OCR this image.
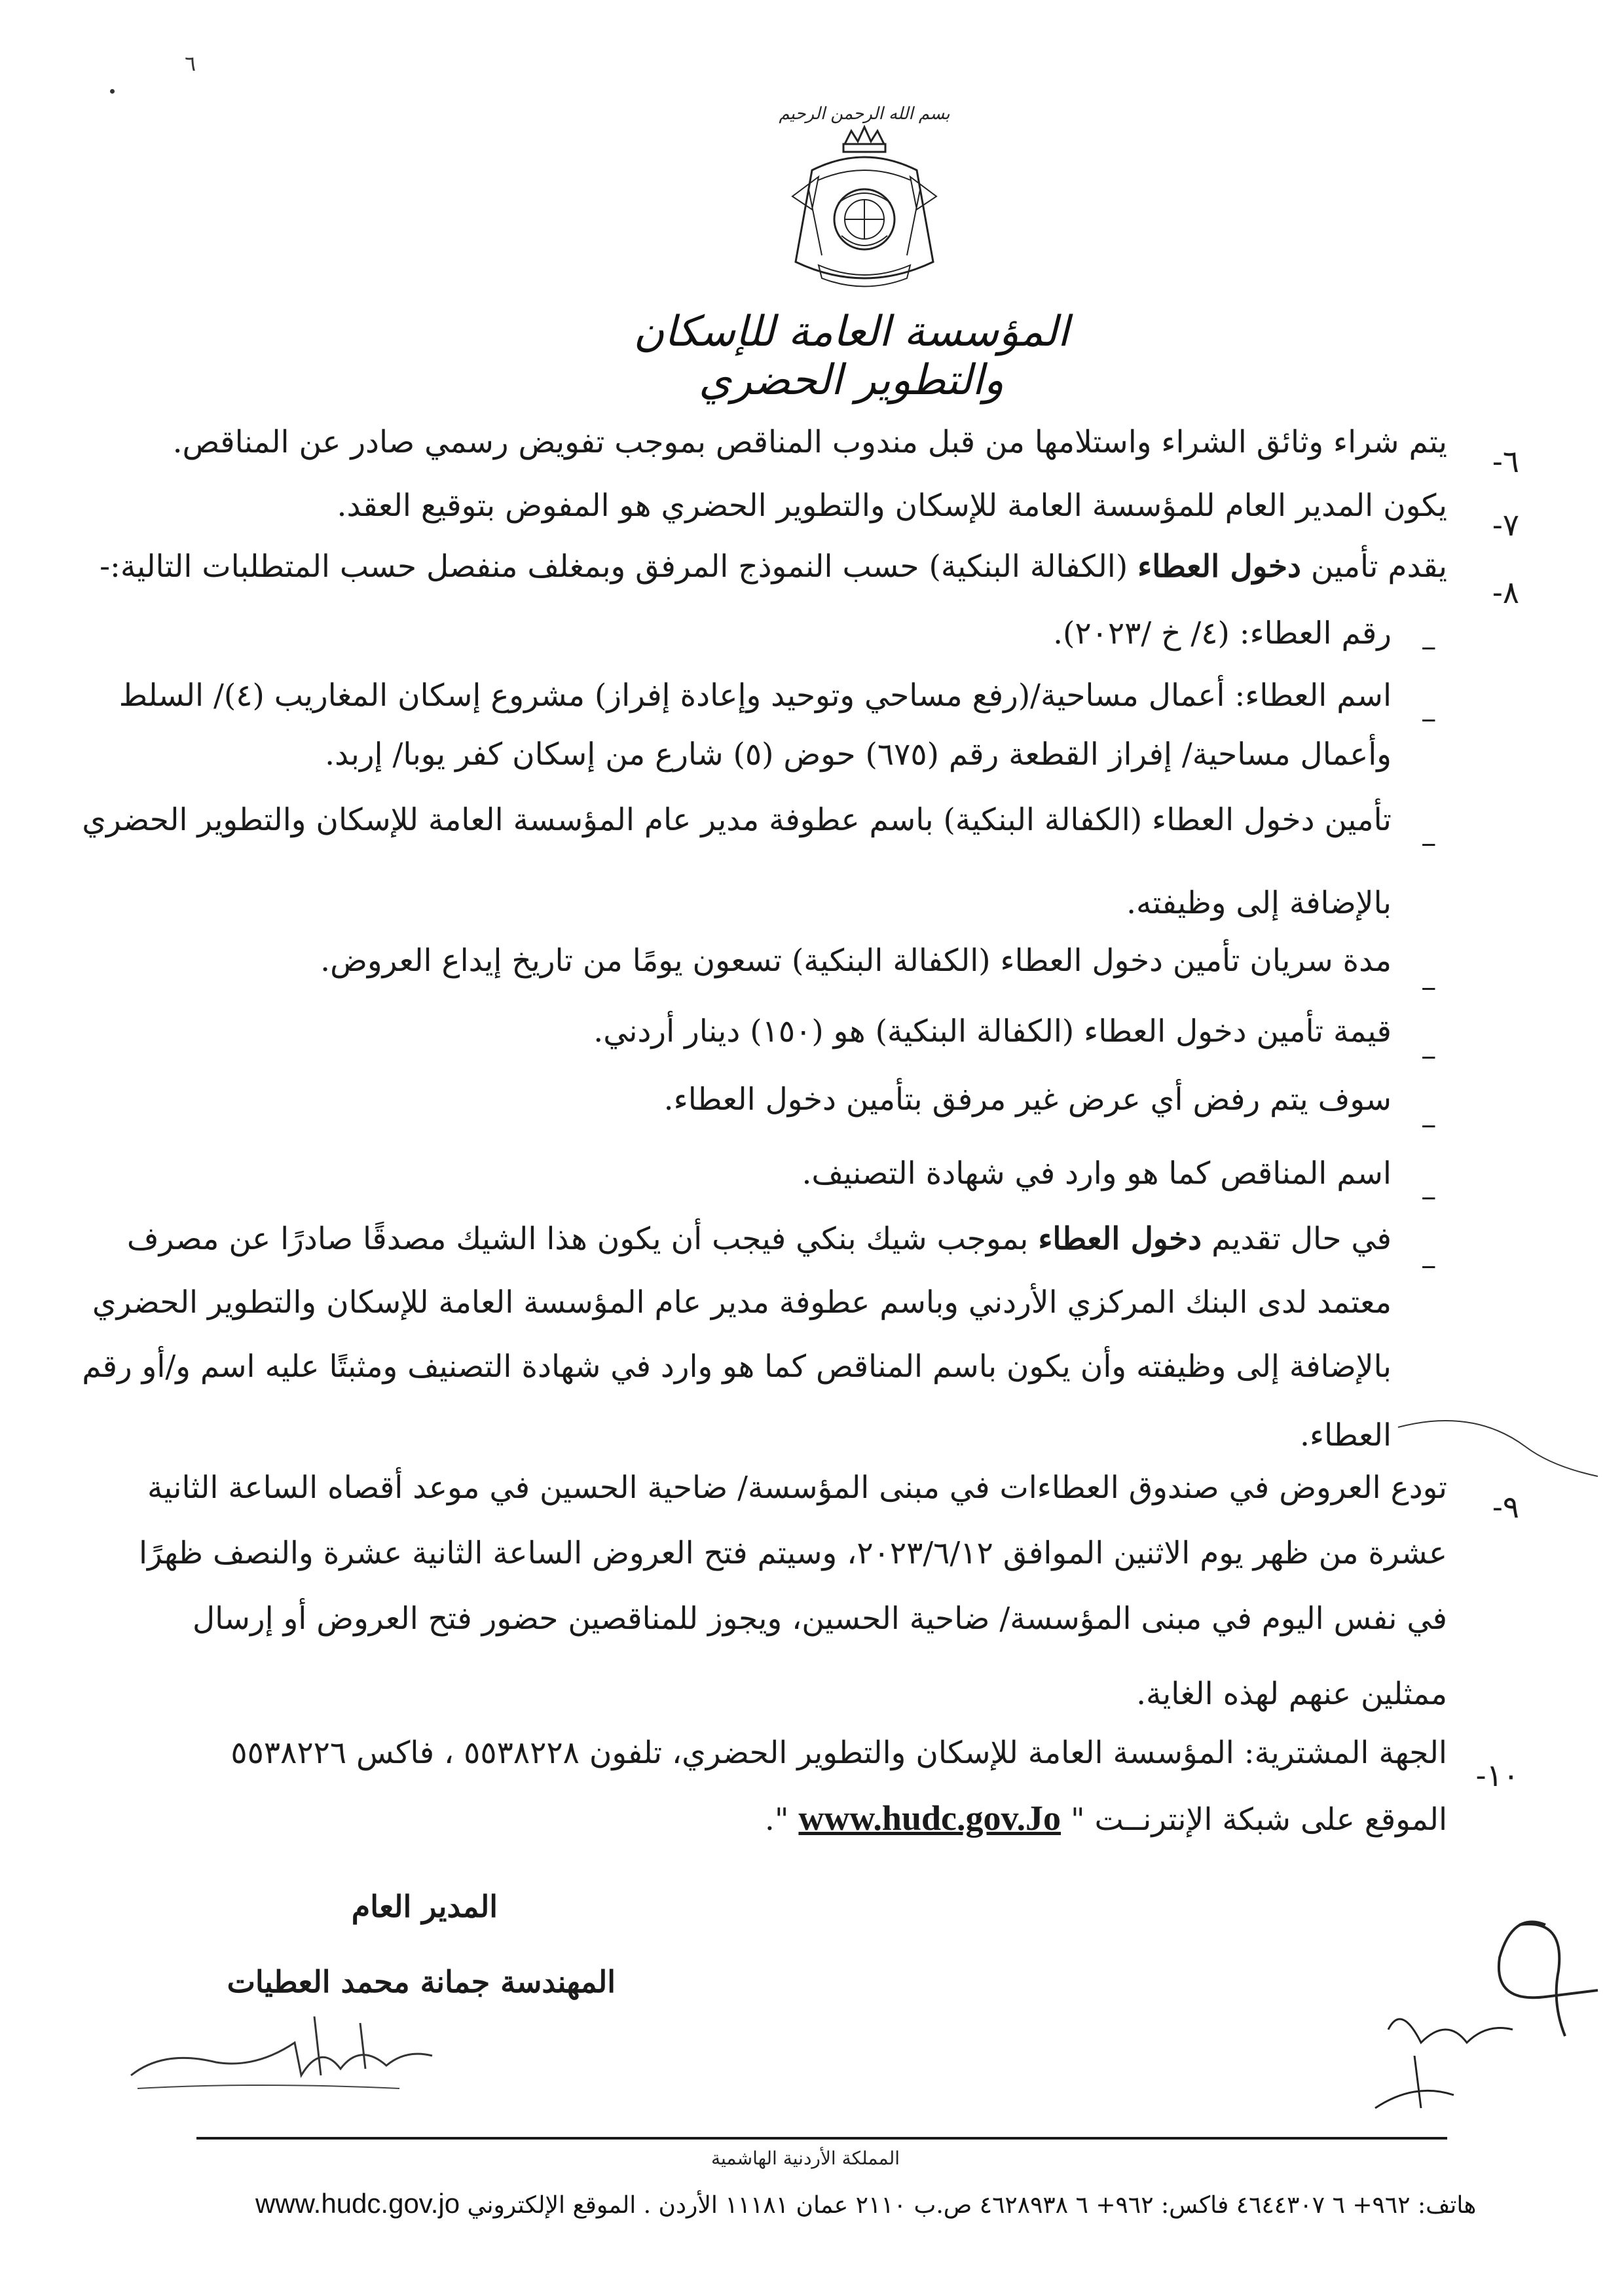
٦
بسم الله الرحمن الرحيم
المؤسسة العامة للإسكان والتطوير الحضري
٦-
يتم شراء وثائق الشراء واستلامها من قبل مندوب المناقص بموجب تفويض رسمي صادر عن المناقص.
٧-
يكون المدير العام للمؤسسة العامة للإسكان والتطوير الحضري هو المفوض بتوقيع العقد.
٨-
يقدم تأمين دخول العطاء (الكفالة البنكية) حسب النموذج المرفق وبمغلف منفصل حسب المتطلبات التالية:-
–
رقم العطاء: (٤/ خ /٢٠٢٣).
–
اسم العطاء: أعمال مساحية/(رفع مساحي وتوحيد وإعادة إفراز) مشروع إسكان المغاريب (٤)/ السلط
وأعمال مساحية/ إفراز القطعة رقم (٦٧٥) حوض (٥) شارع من إسكان كفر يوبا/ إربد.
–
تأمين دخول العطاء (الكفالة البنكية) باسم عطوفة مدير عام المؤسسة العامة للإسكان والتطوير الحضري
بالإضافة إلى وظيفته.
–
مدة سريان تأمين دخول العطاء (الكفالة البنكية) تسعون يومًا من تاريخ إيداع العروض.
–
قيمة تأمين دخول العطاء (الكفالة البنكية) هو (١٥٠) دينار أردني.
–
سوف يتم رفض أي عرض غير مرفق بتأمين دخول العطاء.
–
اسم المناقص كما هو وارد في شهادة التصنيف.
–
في حال تقديم دخول العطاء بموجب شيك بنكي فيجب أن يكون هذا الشيك مصدقًا صادرًا عن مصرف
معتمد لدى البنك المركزي الأردني وباسم عطوفة مدير عام المؤسسة العامة للإسكان والتطوير الحضري
بالإضافة إلى وظيفته وأن يكون باسم المناقص كما هو وارد في شهادة التصنيف ومثبتًا عليه اسم و/أو رقم
العطاء.
٩-
تودع العروض في صندوق العطاءات في مبنى المؤسسة/ ضاحية الحسين في موعد أقصاه الساعة الثانية
عشرة من ظهر يوم الاثنين الموافق ٢٠٢٣/٦/١٢، وسيتم فتح العروض الساعة الثانية عشرة والنصف ظهرًا
في نفس اليوم في مبنى المؤسسة/ ضاحية الحسين، ويجوز للمناقصين حضور فتح العروض أو إرسال
ممثلين عنهم لهذه الغاية.
١٠-
الجهة المشترية: المؤسسة العامة للإسكان والتطوير الحضري، تلفون ٥٥٣٨٢٢٨ ، فاكس ٥٥٣٨٢٢٦
الموقع على شبكة الإنترنــت " www.hudc.gov.Jo ".
المدير العام
المهندسة جمانة محمد العطيات
المملكة الأردنية الهاشمية
هاتف: ٩٦٢+ ٦ ٤٦٤٤٣٠٧ فاكس: ٩٦٢+ ٦ ٤٦٢٨٩٣٨ ص.ب ٢١١٠ عمان ١١١٨١ الأردن . الموقع الإلكتروني www.hudc.gov.jo
